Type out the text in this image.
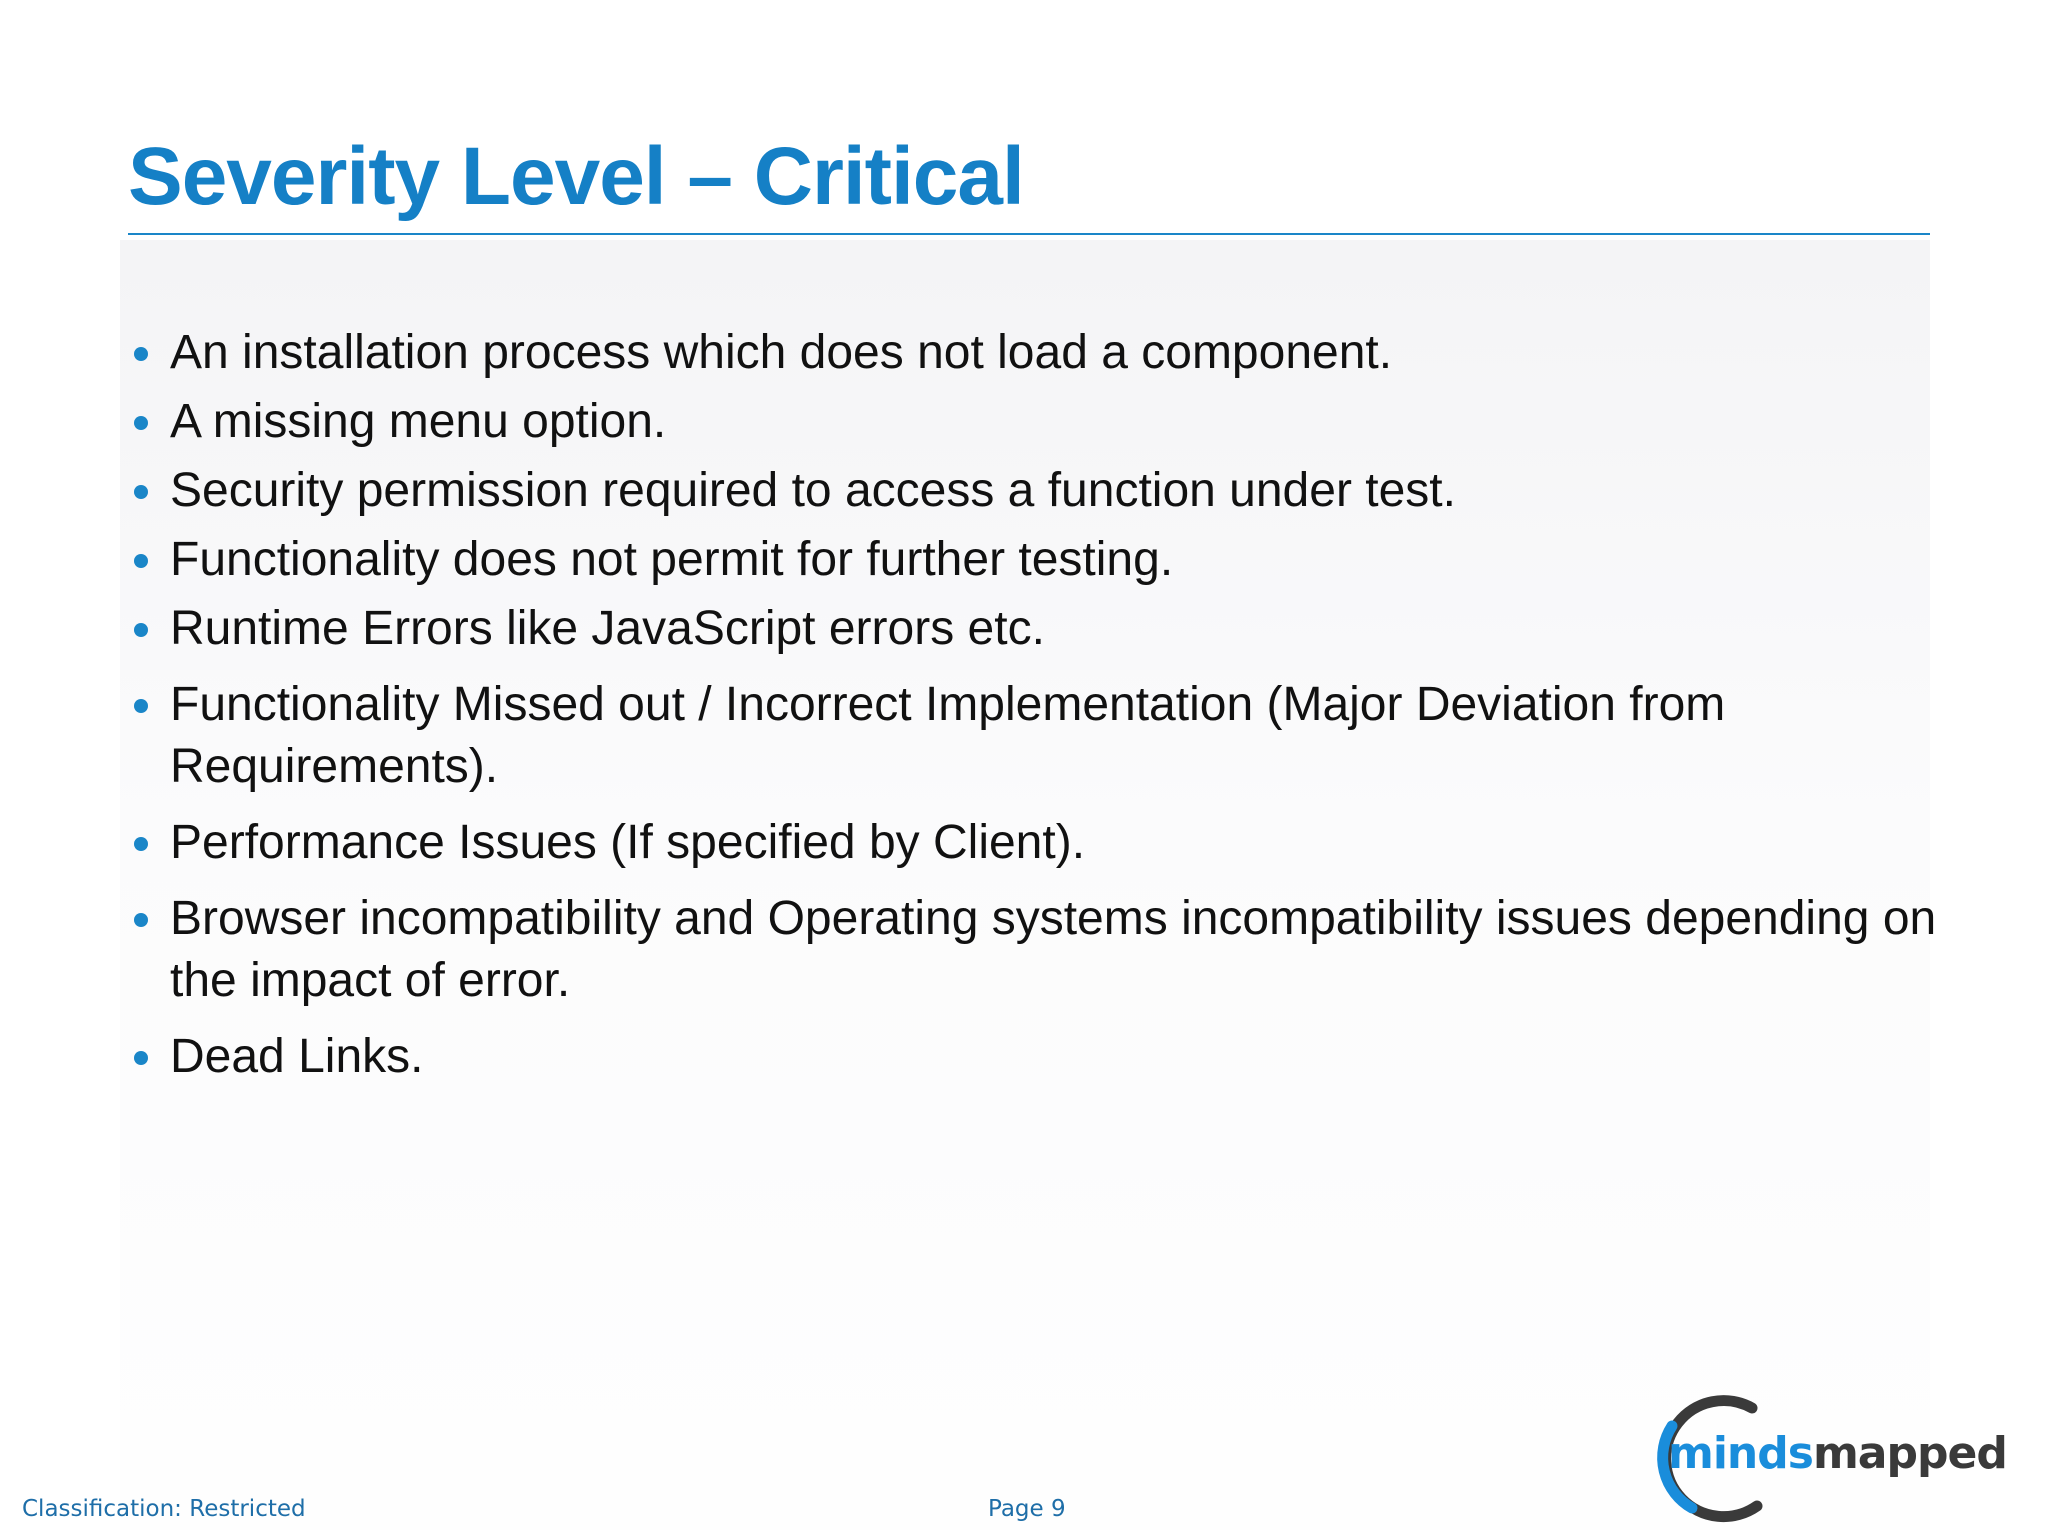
Severity Level – Critical
An installation process which does not load a component.
A missing menu option.
Security permission required to access a function under test.
Functionality does not permit for further testing.
Runtime Errors like JavaScript errors etc.
Functionality Missed out / Incorrect Implementation (Major Deviation from Requirements).
Performance Issues (If specified by Client).
Browser incompatibility and Operating systems incompatibility issues depending on the impact of error.
Dead Links.
Classification: Restricted	Page 9
mindsmapped
